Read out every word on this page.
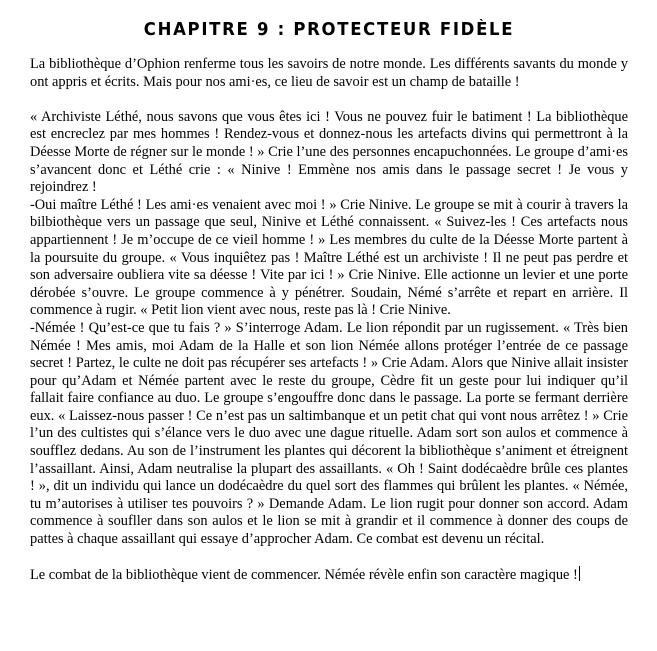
CHAPITRE 9 : PROTECTEUR FIDÈLE

La bibliothèque d’Ophion renferme tous les savoirs de notre monde. Les différents savants du monde y ont appris et écrits. Mais pour nos ami·es, ce lieu de savoir est un champ de bataille !

« Archiviste Léthé, nous savons que vous êtes ici ! Vous ne pouvez fuir le batiment ! La bibliothèque est encreclez par mes hommes ! Rendez-vous et donnez-nous les artefacts divins qui permettront à la Déesse Morte de régner sur le monde ! » Crie l’une des personnes encapuchonnées. Le groupe d’ami·es s’avancent donc et Léthé crie : « Ninive ! Emmène nos amis dans le passage secret ! Je vous y rejoindrez !
-Oui maître Léthé ! Les ami·es venaient avec moi ! » Crie Ninive. Le groupe se mit à courir à travers la bilbiothèque vers un passage que seul, Ninive et Léthé connaissent. « Suivez-les ! Ces artefacts nous appartiennent ! Je m’occupe de ce vieil homme ! » Les membres du culte de la Déesse Morte partent à la poursuite du groupe. « Vous inquiêtez pas ! Maître Léthé est un archiviste ! Il ne peut pas perdre et son adversaire oubliera vite sa déesse ! Vite par ici ! » Crie Ninive. Elle actionne un levier et une porte dérobée s’ouvre. Le groupe commence à y pénétrer. Soudain, Némé s’arrête et repart en arrière. Il commence à rugir. « Petit lion vient avec nous, reste pas là ! Crie Ninive.
-Némée ! Qu’est-ce que tu fais ? » S’interroge Adam. Le lion répondit par un rugissement. « Très bien Némée ! Mes amis, moi Adam de la Halle et son lion Némée allons protéger l’entrée de ce passage secret ! Partez, le culte ne doit pas récupérer ses artefacts ! » Crie Adam. Alors que Ninive allait insister pour qu’Adam et Némée partent avec le reste du groupe, Cèdre fit un geste pour lui indiquer qu’il fallait faire confiance au duo. Le groupe s’engouffre donc dans le passage. La porte se fermant derrière eux. « Laissez-nous passer ! Ce n’est pas un saltimbanque et un petit chat qui vont nous arrêtez ! » Crie l’un des cultistes qui s’élance vers le duo avec une dague rituelle. Adam sort son aulos et commence à soufflez dedans. Au son de l’instrument les plantes qui décorent la bibliothèque s’animent et étreignent l’assaillant. Ainsi, Adam neutralise la plupart des assaillants. « Oh ! Saint dodécaèdre brûle ces plantes ! », dit un individu qui lance un dodécaèdre du quel sort des flammes qui brûlent les plantes. « Némée, tu m’autorises à utiliser tes pouvoirs ? » Demande Adam. Le lion rugit pour donner son accord. Adam commence à soufller dans son aulos et le lion se mit à grandir et il commence à donner des coups de pattes à chaque assaillant qui essaye d’approcher Adam. Ce combat est devenu un récital.

Le combat de la bibliothèque vient de commencer. Némée révèle enfin son caractère magique !
